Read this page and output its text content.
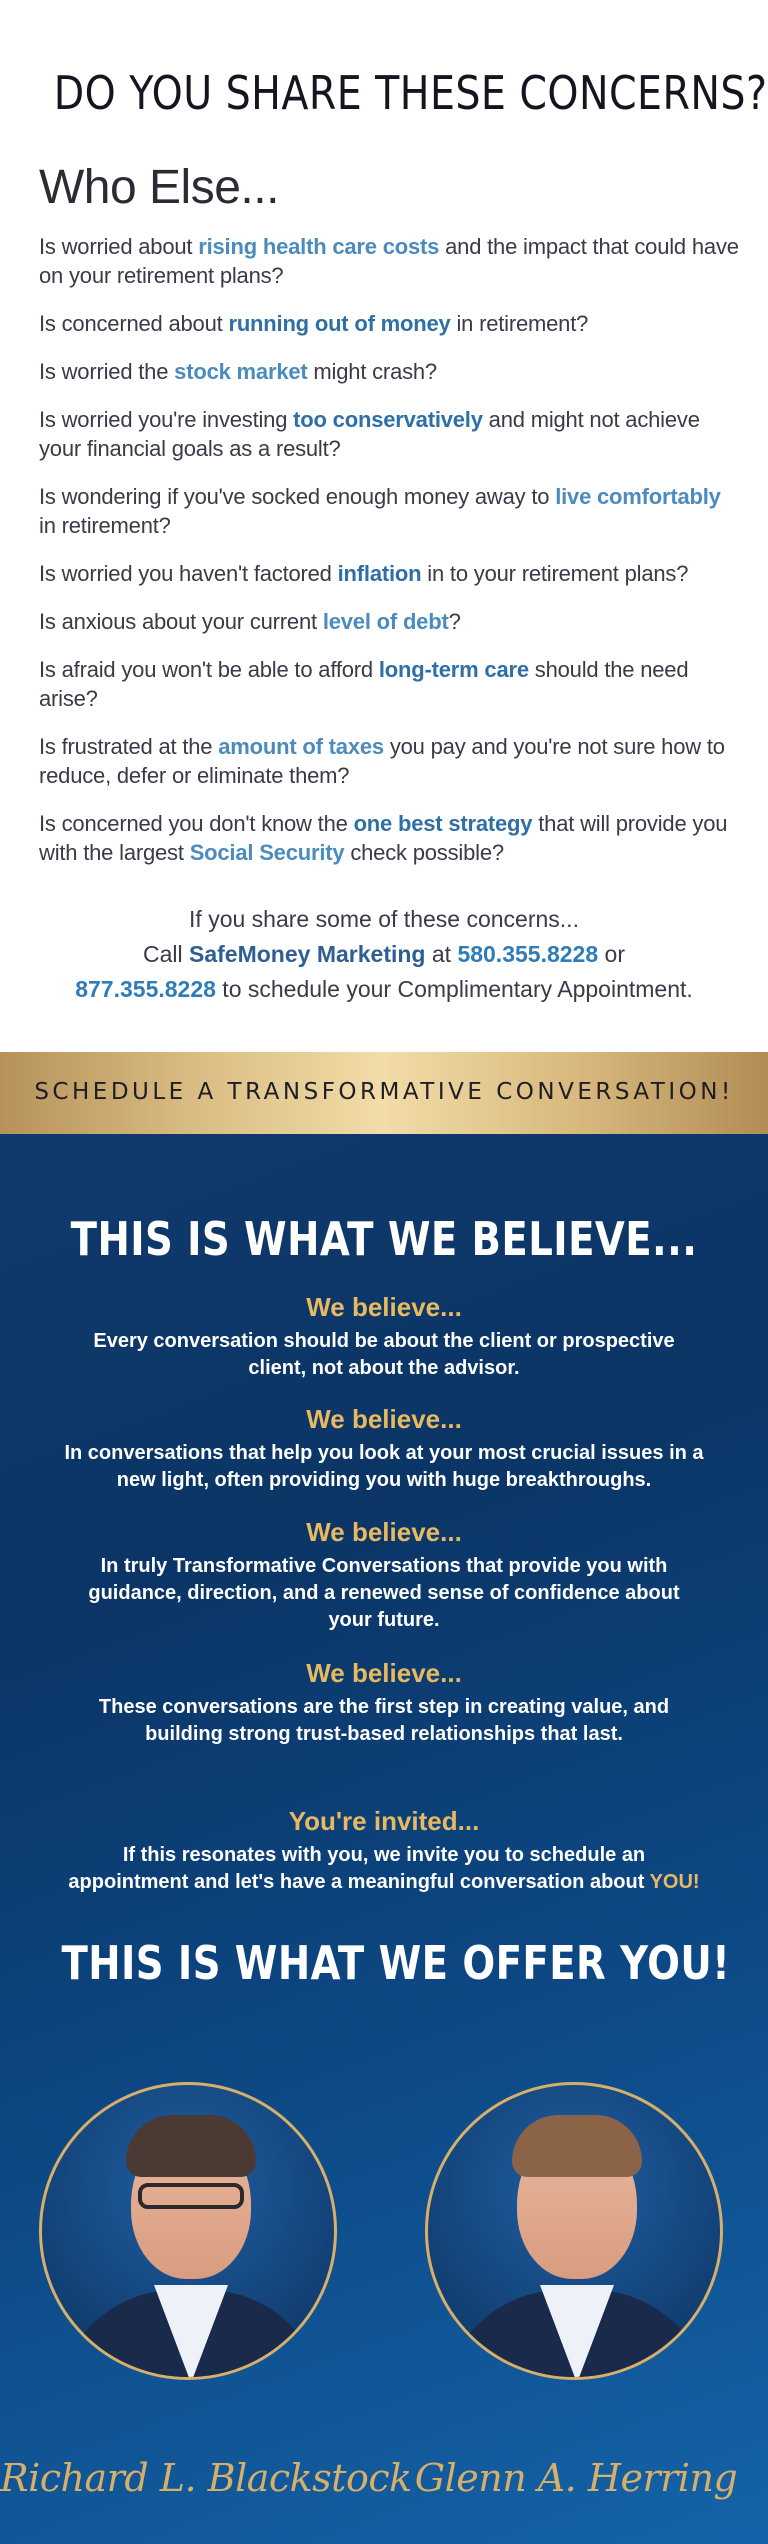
DO YOU SHARE THESE CONCERNS?
Who Else...
Is worried about rising health care costs and the impact that could have on your retirement plans?
Is concerned about running out of money in retirement?
Is worried the stock market might crash?
Is worried you're investing too conservatively and might not achieve your financial goals as a result?
Is wondering if you've socked enough money away to live comfortably in retirement?
Is worried you haven't factored inflation in to your retirement plans?
Is anxious about your current level of debt?
Is afraid you won't be able to afford long-term care should the need arise?
Is frustrated at the amount of taxes you pay and you're not sure how to reduce, defer or eliminate them?
Is concerned you don't know the one best strategy that will provide you with the largest Social Security check possible?
If you share some of these concerns...
Call SafeMoney Marketing at 580.355.8228 or
877.355.8228 to schedule your Complimentary Appointment.
SCHEDULE A TRANSFORMATIVE CONVERSATION!
THIS IS WHAT WE BELIEVE...
We believe...
Every conversation should be about the client or prospective
client, not about the advisor.
We believe...
In conversations that help you look at your most crucial issues in a
new light, often providing you with huge breakthroughs.
We believe...
In truly Transformative Conversations that provide you with
guidance, direction, and a renewed sense of confidence about
your future.
We believe...
These conversations are the first step in creating value, and
building strong trust-based relationships that last.
You're invited...
If this resonates with you, we invite you to schedule an
appointment and let's have a meaningful conversation about YOU!
THIS IS WHAT WE OFFER YOU!
Richard L. Blackstock Glenn A. Herring
